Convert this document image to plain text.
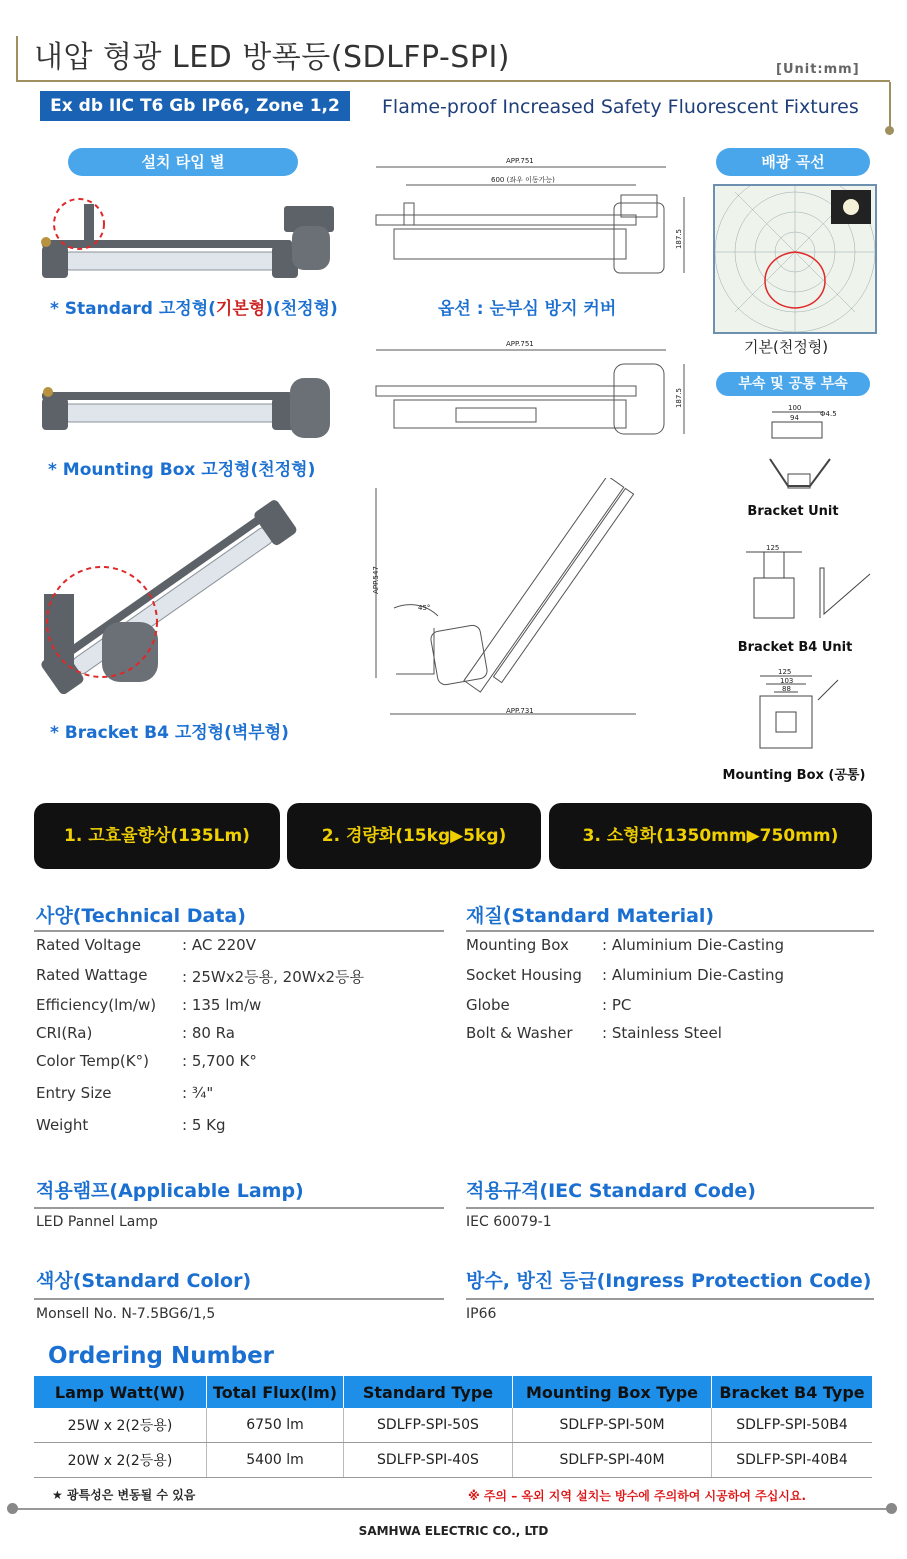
내압 형광 LED 방폭등(SDLFP-SPI)	[Unit:mm]
Ex db IIC T6 Gb IP66, Zone 1,2	Flame-proof Increased Safety Fluorescent Fixtures
설치 타입 별
* Standard 고정형(기본형)(천정형)
APP.751
600 (좌우 이동가능)
187.5
옵션 : 눈부심 방지 커버
배광 곡선
기본(천정형)
부속 및 공통 부속
100
94	Φ4.5
Bracket Unit
* Mounting Box 고정형(천정형)
APP.751
187.5
* Bracket B4 고정형(벽부형)
APP.547
45°
APP.731
125
Bracket B4 Unit
125
103
88
Mounting Box (공통)
1. 고효율향상(135Lm)	2. 경량화(15kg▶5kg)	3. 소형화(1350mm▶750mm)
사양(Technical Data)
Rated Voltage	: AC 220V
Rated Wattage : 25Wx2등용, 20Wx2등용
Efficiency(lm/w) : 135 lm/w
CRI(Ra)	: 80 Ra
Color Temp(K°) : 5,700 K°
Entry Size	: ¾"
Weight	: 5 Kg
재질(Standard Material)
Mounting Box : Aluminium Die-Casting
Socket Housing : Aluminium Die-Casting
Globe	: PC
Bolt & Washer : Stainless Steel
적용램프(Applicable Lamp)
LED Pannel Lamp
적용규격(IEC Standard Code)
IEC 60079-1
색상(Standard Color)
Monsell No. N-7.5BG6/1,5
방수, 방진 등급(Ingress Protection Code)
IP66
Ordering Number
Lamp Watt(W)	Total Flux(lm)	Standard Type	Mounting Box Type	Bracket B4 Type
25W x 2(2등용)	6750 lm	SDLFP-SPI-50S	SDLFP-SPI-50M	SDLFP-SPI-50B4
20W x 2(2등용)	5400 lm	SDLFP-SPI-40S	SDLFP-SPI-40M	SDLFP-SPI-40B4
★ 광특성은 변동될 수 있음	※ 주의 – 옥외 지역 설치는 방수에 주의하여 시공하여 주십시요.
SAMHWA ELECTRIC CO., LTD
